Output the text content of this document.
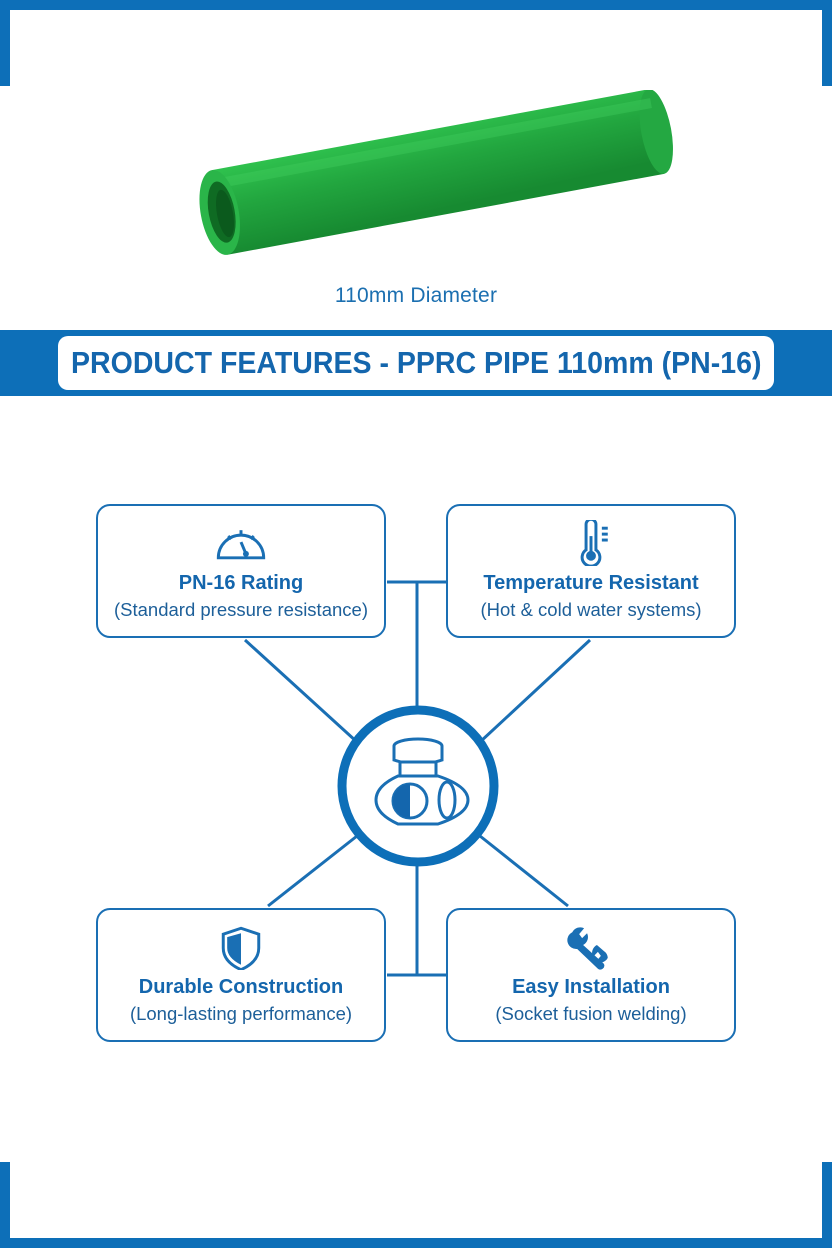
110mm Diameter
PRODUCT FEATURES - PPRC PIPE 110mm (PN-16)
PN-16 Rating
(Standard pressure resistance)
Temperature Resistant
(Hot & cold water systems)
Durable Construction
(Long-lasting performance)
Easy Installation
(Socket fusion welding)
